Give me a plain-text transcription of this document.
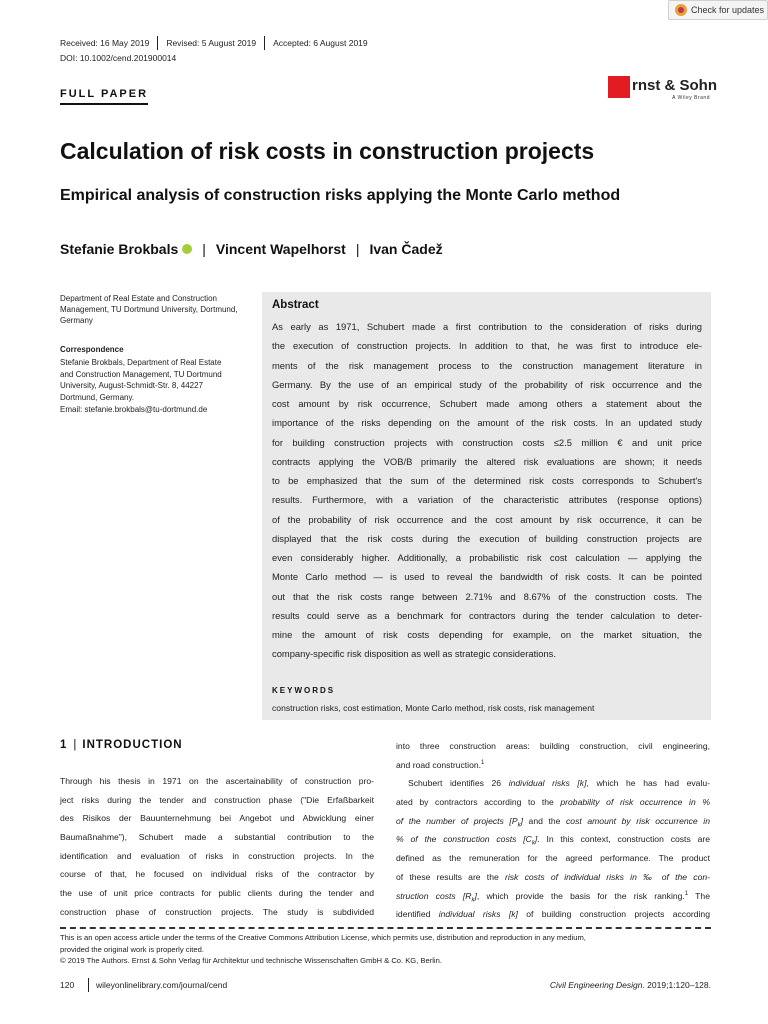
Check for updates
Received: 16 May 2019 Revised: 5 August 2019 Accepted: 6 August 2019
DOI: 10.1002/cend.201900014
FULL PAPER	rnst & Sohn
A Wiley Brand
Calculation of risk costs in construction projects
Empirical analysis of construction risks applying the Monte Carlo method
Stefanie Brokbals | Vincent Wapelhorst | Ivan Čadež
Department of Real Estate and Construction Management, TU Dortmund University, Dortmund, Germany
Correspondence
Stefanie Brokbals, Department of Real Estate
and Construction Management, TU Dortmund
University, August-Schmidt-Str. 8, 44227
Dortmund, Germany.
Email: stefanie.brokbals@tu-dortmund.de
Abstract
As early as 1971, Schubert made a first contribution to the consideration of risks during
the execution of construction projects. In addition to that, he was first to introduce ele-
ments of the risk management process to the construction management literature in
Germany. By the use of an empirical study of the probability of risk occurrence and the
cost amount by risk occurrence, Schubert made among others a statement about the
importance of the risks depending on the amount of the risk costs. In an updated study
for building construction projects with construction costs ≤2.5 million € and unit price
contracts applying the VOB/B primarily the altered risk evaluations are shown; it needs
to be emphasized that the sum of the determined risk costs corresponds to Schubert's
results. Furthermore, with a variation of the characteristic attributes (response options)
of the probability of risk occurrence and the cost amount by risk occurrence, it can be
displayed that the risk costs during the execution of building construction projects are
even considerably higher. Additionally, a probabilistic risk cost calculation — applying the
Monte Carlo method — is used to reveal the bandwidth of risk costs. It can be pointed
out that the risk costs range between 2.71% and 8.67% of the construction costs. The
results could serve as a benchmark for contractors during the tender calculation to deter-
mine the amount of risk costs depending for example, on the market situation, the
company-specific risk disposition as well as strategic considerations.
KEYWORDS
construction risks, cost estimation, Monte Carlo method, risk costs, risk management
1 | INTRODUCTION
Through his thesis in 1971 on the ascertainability of construction pro-
ject risks during the tender and construction phase ("Die Erfaßbarkeit
des Risikos der Bauunternehmung bei Angebot und Abwicklung einer
Baumaßnahme"), Schubert made a substantial contribution to the
identification and evaluation of risks in construction projects. In the
course of that, he focused on individual risks of the contractor by
the use of unit price contracts for public clients during the tender and
construction phase of construction projects. The study is subdivided
into three construction areas: building construction, civil engineering,
and road construction.$^1$
Schubert identifies 26 individual risks [k], which he has had evalu-
ated by contractors according to the probability of risk occurrence in %
of the number of projects $[P_k]$ and the cost amount by risk occurrence in
% of the construction costs $[C_k]$. In this context, construction costs are
defined as the remuneration for the agreed performance. The product
of these results are the risk costs of individual risks in ‰ of the con-
struction costs $[R_k]$, which provide the basis for the risk ranking.$^1$ The
identified individual risks [k] of building construction projects according
This is an open access article under the terms of the Creative Commons Attribution License, which permits use, distribution and reproduction in any medium,
provided the original work is properly cited.
© 2019 The Authors. Ernst & Sohn Verlag für Architektur und technische Wissenschaften GmbH & Co. KG, Berlin.
120	wileyonlinelibrary.com/journal/cend	Civil Engineering Design. 2019;1:120–128.
